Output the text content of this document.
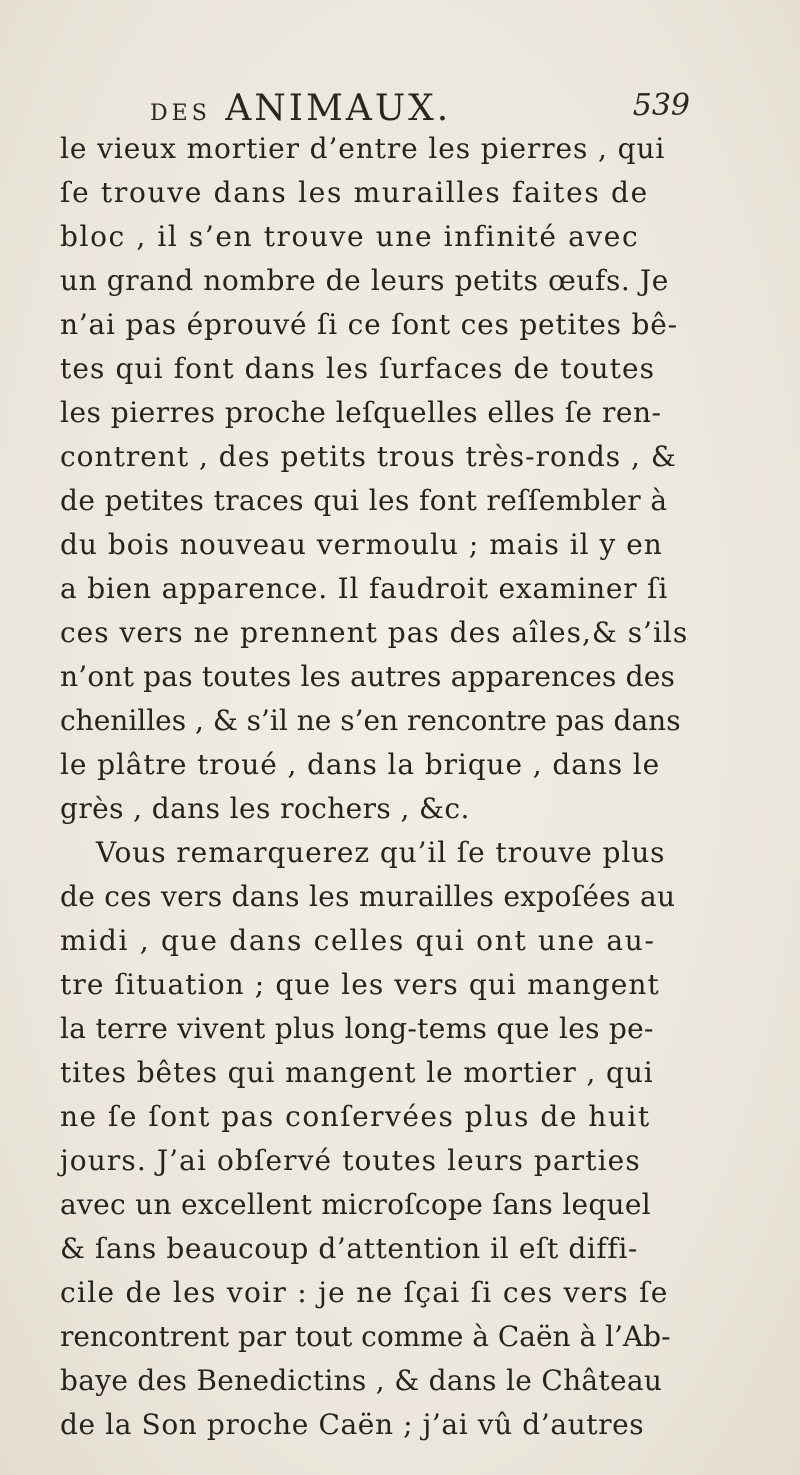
DES ANIMAUX.	539
le vieux mortier d’entre les pierres , qui
ſe trouve dans les murailles faites de
bloc , il s’en trouve une infinité avec
un grand nombre de leurs petits œufs. Je
n’ai pas éprouvé ſi ce ſont ces petites bê-
tes qui font dans les ſurfaces de toutes
les pierres proche leſquelles elles ſe ren-
contrent , des petits trous très-ronds , &
de petites traces qui les font reſſembler à
du bois nouveau vermoulu ; mais il y en
a bien apparence. Il faudroit examiner ſi
ces vers ne prennent pas des aîles,& s’ils
n’ont pas toutes les autres apparences des
chenilles , & s’il ne s’en rencontre pas dans
le plâtre troué , dans la brique , dans le
grès , dans les rochers , &c.
Vous remarquerez qu’il ſe trouve plus
de ces vers dans les murailles expoſées au
midi , que dans celles qui ont une au-
tre ſituation ; que les vers qui mangent
la terre vivent plus long-tems que les pe-
tites bêtes qui mangent le mortier , qui
ne ſe ſont pas conſervées plus de huit
jours. J’ai obſervé toutes leurs parties
avec un excellent microſcope ſans lequel
& ſans beaucoup d’attention il eſt diffi-
cile de les voir : je ne ſçai ſi ces vers ſe
rencontrent par tout comme à Caën à l’Ab-
baye des Benedictins , & dans le Château
de la Son proche Caën ; j’ai vû d’autres
